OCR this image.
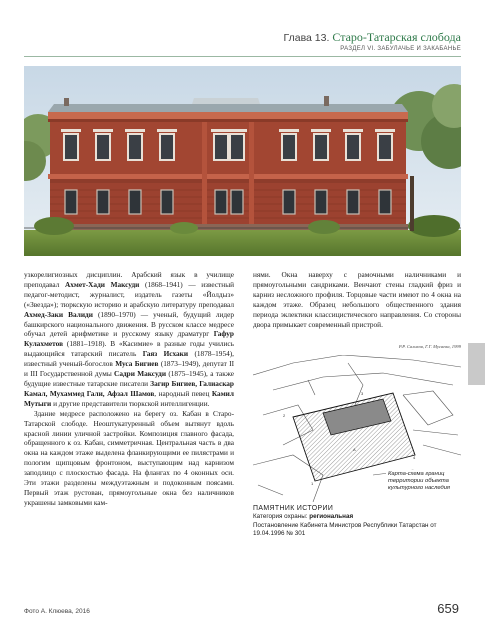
Глава 13. Старо-Татарская слобода
РАЗДЕЛ VI. ЗАБУЛАЧЬЕ И ЗАКАБАНЬЕ

узкорелигиозных дисциплин. Арабский язык в училище преподавал Ахмет-Хади Максуди (1868–1941) — известный педагог-методист, журналист, издатель газеты «Йолдыз» («Звезда»); тюркскую историю и арабскую литературу преподавал Ахмед-Заки Валиди (1890–1970) — ученый, будущий лидер башкирского национального движения. В русском классе медресе обучал детей арифметике и русскому языку драматург Гафур Кулахметов (1881–1918). В «Касимие» в разные годы учились выдающийся татарский писатель Гаяз Исхаки (1878–1954), известный ученый-богослов Муса Бигиев (1873–1949), депутат II и III Государственной думы Садри Максуди (1875–1945), а также будущие известные татарские писатели Загир Бигиев, Галиаскар Камал, Мухаммед Гали, Афзал Шамов, народный певец Камил Мутыги и другие представители тюркской интеллигенции.

Здание медресе расположено на берегу оз. Кабан в Старо-Татарской слободе. Неоштукатуренный объем вытянут вдоль красной линии уличной застройки. Композиция главного фасада, обращенного к оз. Кабан, симметричная. Центральная часть в два окна на каждом этаже выделена фланкирующими ее пилястрами и пологим щипцовым фронтоном, выступающим над карнизом заподлицо с плоскостью фасада. На флангах по 4 оконных оси. Эти этажи разделены междуэтажным и подоконным поясами. Первый этаж рустован, прямоугольные окна без наличников украшены замковыми кам-

нями. Окна наверху с рамочными наличниками и прямоугольными сандриками. Венчают стены гладкий фриз и карниз несложного профиля. Торцовые части имеют по 4 окна на каждом этаже. Образец небольшого общественного здания периода эклектики классицистического направления. Со стороны двора примыкает современный пристрой.

Р.Р. Салихов, Г.Г. Мусаева, 1999
2
3
4
1
А
Карта-схема границ территории объекта культурного наследия
ПАМЯТНИК ИСТОРИИ
Категория охраны: региональная
Постановление Кабинета Министров Республики Татарстан от 19.04.1996 № 301
Фото А. Клюева, 2016	659
